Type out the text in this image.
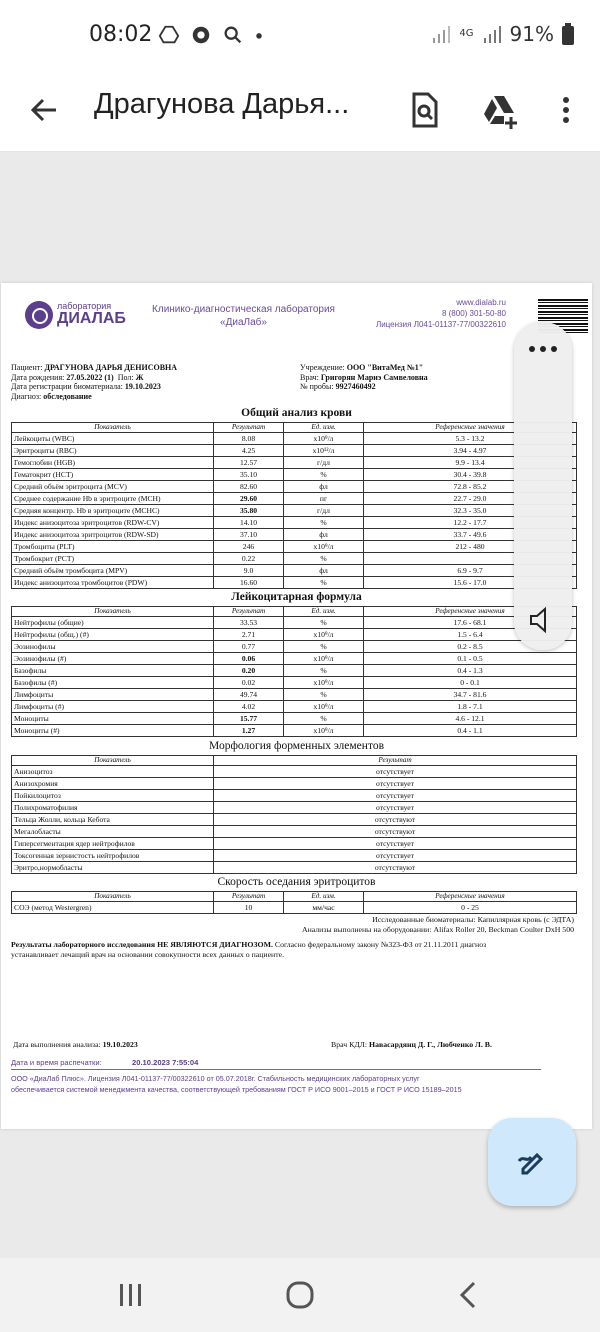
08:02	4G 91%
Драгунова Дарья...
лаборатория
ДИАЛАБ
Клинико-диагностическая лаборатория
«ДиаЛаб»
www.dialab.ru
8 (800) 301-50-80
Лицензия Л041-01137-77/00322610
Пациент: ДРАГУНОВА ДАРЬЯ ДЕНИСОВНА
Дата рождения: 27.05.2022 (1) Пол: Ж
Дата регистрации биоматериала: 19.10.2023
Диагноз: обследование
Учреждение: ООО "ВитаМед №1"
Врач: Григорян Мариэ Самвеловна
№ пробы: 9927460492
Общий анализ крови
Показатель	Результат	Ед. изм.	Референсные значения
Лейкоциты (WBC)	8.08	x10⁹/л	5.3 - 13.2
Эритроциты (RBC)	4.25	x10¹²/л	3.94 - 4.97
Гемоглобин (HGB)	12.57	г/дл	9.9 - 13.4
Гематокрит (HCT)	35.10	%	30.4 - 39.8
Средний объём эритроцита (MCV)	82.60	фл	72.8 - 85.2
Среднее содержание Hb в эритроците (MCH)	29.60	пг	22.7 - 29.0
Средняя концентр. Hb в эритроците (MCHC)	35.80	г/дл	32.3 - 35.0
Индекс анизоцитоза эритроцитов (RDW-CV)	14.10	%	12.2 - 17.7
Индекс анизоцитоза эритроцитов (RDW-SD)	37.10	фл	33.7 - 49.6
Тромбоциты (PLT)	246	x10⁹/л	212 - 480
Тромбокрит (PCT)	0.22	%	
Средний объём тромбоцита (MPV)	9.0	фл	6.9 - 9.7
Индекс анизоцитоза тромбоцитов (PDW)	16.60	%	15.6 - 17.0
Лейкоцитарная формула
Показатель	Результат	Ед. изм.	Референсные значения
Нейтрофилы (общие)	33.53	%	17.6 - 68.1
Нейтрофилы (общ.) (#)	2.71	x10⁹/л	1.5 - 6.4
Эозинофилы	0.77	%	0.2 - 8.5
Эозинофилы (#)	0.06	x10⁹/л	0.1 - 0.5
Базофилы	0.20	%	0.4 - 1.3
Базофилы (#)	0.02	x10⁹/л	0 - 0.1
Лимфоциты	49.74	%	34.7 - 81.6
Лимфоциты (#)	4.02	x10⁹/л	1.8 - 7.1
Моноциты	15.77	%	4.6 - 12.1
Моноциты (#)	1.27	x10⁹/л	0.4 - 1.1
Морфология форменных элементов
Показатель	Результат
Анизоцитоз	отсутствует
Анизохромия	отсутствует
Пойкилоцитоз	отсутствует
Полихроматофилия	отсутствует
Тельца Жолли, кольца Кебота	отсутствуют
Мегалобласты	отсутствуют
Гиперсегментация ядер нейтрофилов	отсутствует
Токсогенная зернистость нейтрофилов	отсутствует
Эритро,нормобласты	отсутствуют
Скорость оседания эритроцитов
Показатель	Результат	Ед. изм.	Референсные значения
СОЭ (метод Westergren)	10	мм/час	0 - 25
Исследованные биоматериалы: Капиллярная кровь (с ЭДТА)
Анализы выполнены на оборудовании: Alifax Roller 20, Beckman Coulter DxH 500
Результаты лабораторного исследования НЕ ЯВЛЯЮТСЯ ДИАГНОЗОМ. Согласно федеральному закону №323-ФЗ от 21.11.2011 диагноз
устанавливает лечащий врач на основании совокупности всех данных о пациенте.
Дата выполнения анализа: 19.10.2023	Врач КДЛ: Навасардянц Д. Г., Любченко Л. В.
Дата и время распечатки:	20.10.2023 7:55:04
ООО «ДиаЛаб Плюс». Лицензия Л041-01137-77/00322610 от 05.07.2018г. Стабильность медицинских лабораторных услуг
обеспечивается системой менеджмента качества, соответствующей требованиям ГОСТ Р ИСО 9001–2015 и ГОСТ Р ИСО 15189–2015
